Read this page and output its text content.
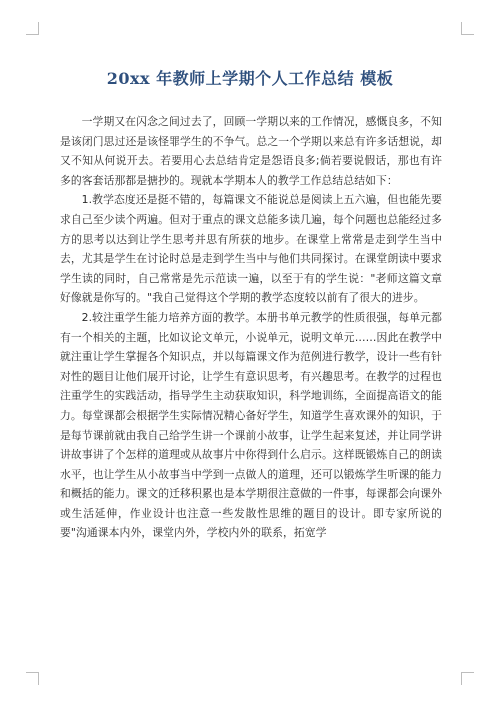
20xx 年教师上学期个人工作总结 模板

一学期又在闪念之间过去了，回顾一学期以来的工作情况，感慨良多，不知是该闭门思过还是该怪罪学生的不争气。总之一个学期以来总有许多话想说，却又不知从何说开去。若要用心去总结肯定是怨语良多;倘若要说假话，那也有许多的客套话那都是搪抄的。现就本学期本人的教学工作总结总结如下：

1.教学态度还是挺不错的，每篇课文不能说总是阅读上五六遍，但也能先要求自己至少读个两遍。但对于重点的课文总能多读几遍，每个问题也总能经过多方的思考以达到让学生思考并思有所获的地步。在课堂上常常是走到学生当中去，尤其是学生在讨论时总是走到学生当中与他们共同探讨。在课堂朗读中要求学生读的同时，自己常常是先示范读一遍，以至于有的学生说："老师这篇文章好像就是你写的。"我自己觉得这个学期的教学态度较以前有了很大的进步。

2.较注重学生能力培养方面的教学。本册书单元教学的性质很强，每单元都有一个相关的主题，比如议论文单元，小说单元，说明文单元……因此在教学中就注重让学生掌握各个知识点，并以每篇课文作为范例进行教学，设计一些有针对性的题目让他们展开讨论，让学生有意识思考，有兴趣思考。在教学的过程也注重学生的实践活动，指导学生主动获取知识，科学地训练，全面提高语文的能力。每堂课都会根据学生实际情况精心备好学生，知道学生喜欢课外的知识，于是每节课前就由我自己给学生讲一个课前小故事，让学生起来复述，并让同学讲讲故事讲了个怎样的道理或从故事片中你得到什么启示。这样既锻炼自己的朗读水平，也让学生从小故事当中学到一点做人的道理，还可以锻炼学生听课的能力和概括的能力。课文的迁移积累也是本学期很注意做的一件事，每课都会向课外或生活延伸，作业设计也注意一些发散性思维的题目的设计。即专家所说的要"沟通课本内外，课堂内外，学校内外的联系，拓宽学
